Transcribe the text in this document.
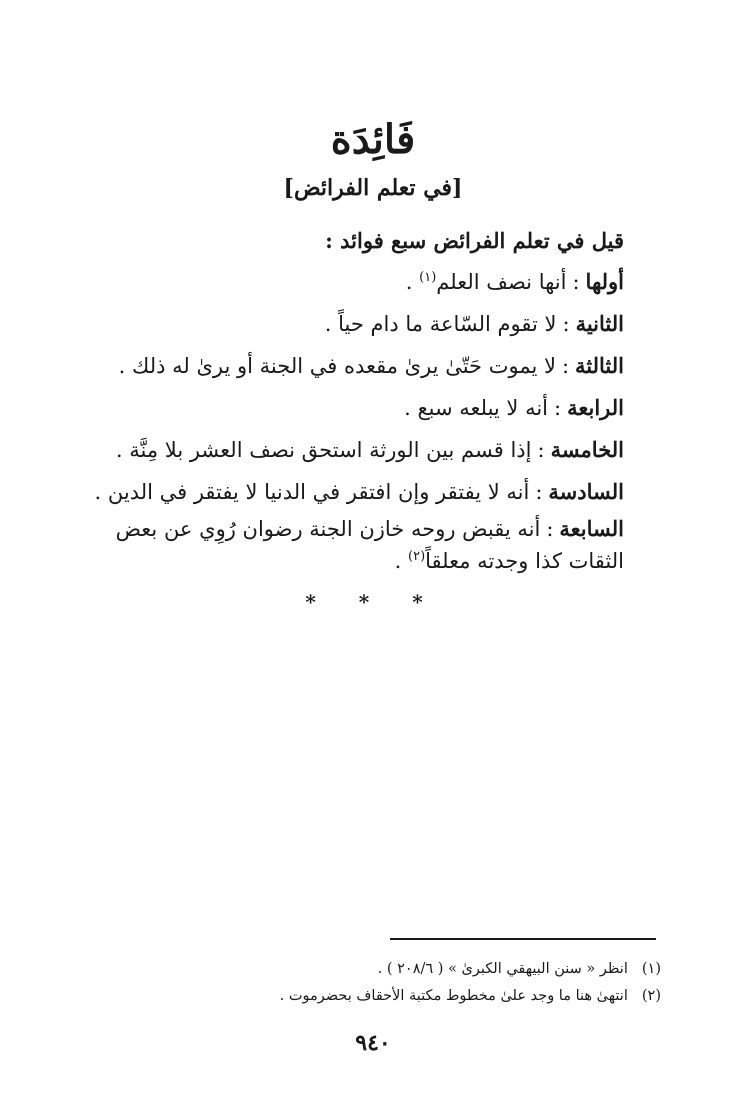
فَائِدَة
[في تعلم الفرائض]

قيل في تعلم الفرائض سبع فوائد :

أولها:أنها نصف العلم$^{(١)}$ .

الثانية:لا تقوم السّاعة ما دام حياً .

الثالثة:لا يموت حَتّىٰ يرىٰ مقعده في الجنة أو يرىٰ له ذلك .

الرابعة:أنه لا يبلعه سبع .

الخامسة:إذا قسم بين الورثة استحق نصف العشر بلا مِنَّة .

السادسة:أنه لا يفتقر وإن افتقر في الدنيا لا يفتقر في الدين .

السابعة:أنه يقبض روحه خازن الجنة رضوان رُوِي عن بعض الثقات كذا وجدته معلقاً$^{(٢)}$ .

* * *

(١)انظر « سنن البيهقي الكبرىٰ » ( ٢٠٨/٦ ) .

(٢)انتهىٰ هنا ما وجد علىٰ مخطوط مكتبة الأحقاف بحضرموت .

٩٤٠
